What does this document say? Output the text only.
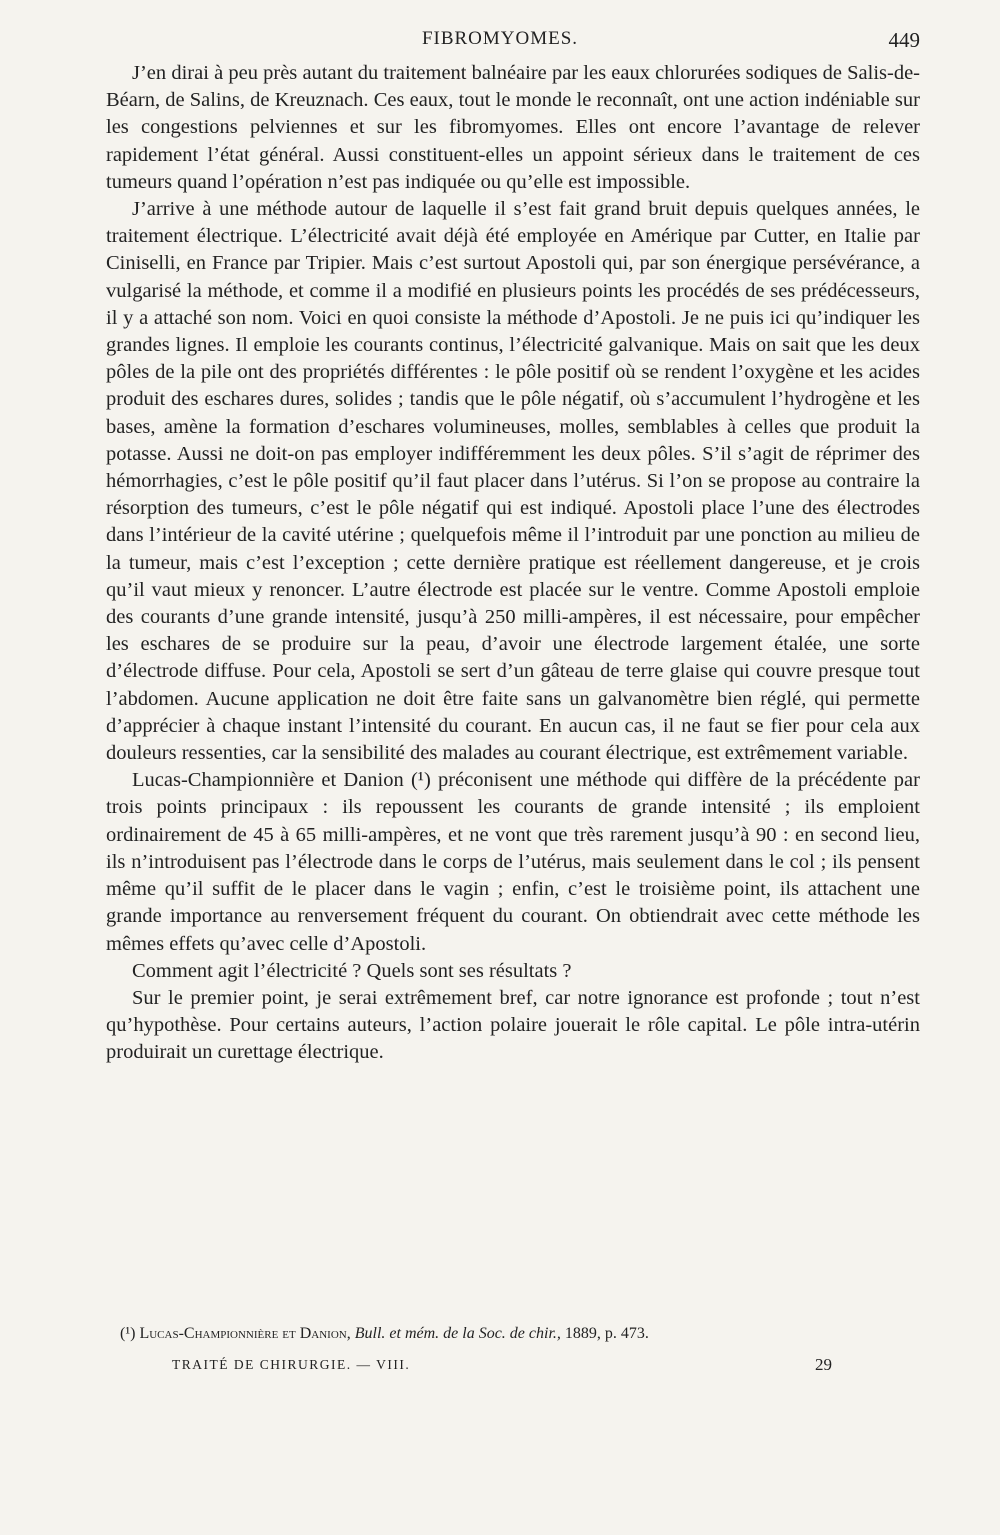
FIBROMYOMES.	449

J’en dirai à peu près autant du traitement balnéaire par les eaux chlorurées sodiques de Salis-de-Béarn, de Salins, de Kreuznach. Ces eaux, tout le monde le reconnaît, ont une action indéniable sur les congestions pelviennes et sur les fibromyomes. Elles ont encore l’avantage de relever rapidement l’état général. Aussi constituent-elles un appoint sérieux dans le traitement de ces tumeurs quand l’opération n’est pas indiquée ou qu’elle est impossible.

J’arrive à une méthode autour de laquelle il s’est fait grand bruit depuis quelques années, le traitement électrique. L’électricité avait déjà été employée en Amérique par Cutter, en Italie par Ciniselli, en France par Tripier. Mais c’est surtout Apostoli qui, par son énergique persévérance, a vulgarisé la méthode, et comme il a modifié en plusieurs points les procédés de ses prédécesseurs, il y a attaché son nom. Voici en quoi consiste la méthode d’Apostoli. Je ne puis ici qu’indiquer les grandes lignes. Il emploie les courants continus, l’électricité galvanique. Mais on sait que les deux pôles de la pile ont des propriétés différentes : le pôle positif où se rendent l’oxygène et les acides produit des eschares dures, solides ; tandis que le pôle négatif, où s’accumulent l’hydrogène et les bases, amène la formation d’eschares volumineuses, molles, semblables à celles que produit la potasse. Aussi ne doit-on pas employer indifféremment les deux pôles. S’il s’agit de réprimer des hémorrhagies, c’est le pôle positif qu’il faut placer dans l’utérus. Si l’on se propose au contraire la résorption des tumeurs, c’est le pôle négatif qui est indiqué. Apostoli place l’une des électrodes dans l’intérieur de la cavité utérine ; quelquefois même il l’introduit par une ponction au milieu de la tumeur, mais c’est l’exception ; cette dernière pratique est réellement dangereuse, et je crois qu’il vaut mieux y renoncer. L’autre électrode est placée sur le ventre. Comme Apostoli emploie des courants d’une grande intensité, jusqu’à 250 milli-ampères, il est nécessaire, pour empêcher les eschares de se produire sur la peau, d’avoir une électrode largement étalée, une sorte d’électrode diffuse. Pour cela, Apostoli se sert d’un gâteau de terre glaise qui couvre presque tout l’abdomen. Aucune application ne doit être faite sans un galvanomètre bien réglé, qui permette d’apprécier à chaque instant l’intensité du courant. En aucun cas, il ne faut se fier pour cela aux douleurs ressenties, car la sensibilité des malades au courant électrique, est extrêmement variable.

Lucas-Championnière et Danion (¹) préconisent une méthode qui diffère de la précédente par trois points principaux : ils repoussent les courants de grande intensité ; ils emploient ordinairement de 45 à 65 milli-ampères, et ne vont que très rarement jusqu’à 90 : en second lieu, ils n’introduisent pas l’électrode dans le corps de l’utérus, mais seulement dans le col ; ils pensent même qu’il suffit de le placer dans le vagin ; enfin, c’est le troisième point, ils attachent une grande importance au renversement fréquent du courant. On obtiendrait avec cette méthode les mêmes effets qu’avec celle d’Apostoli.

Comment agit l’électricité ? Quels sont ses résultats ?

Sur le premier point, je serai extrêmement bref, car notre ignorance est profonde ; tout n’est qu’hypothèse. Pour certains auteurs, l’action polaire jouerait le rôle capital. Le pôle intra-utérin produirait un curettage électrique.

(¹) Lucas-Championnière et Danion, Bull. et mém. de la Soc. de chir., 1889, p. 473.
TRAITÉ DE CHIRURGIE. — VIII.	29
